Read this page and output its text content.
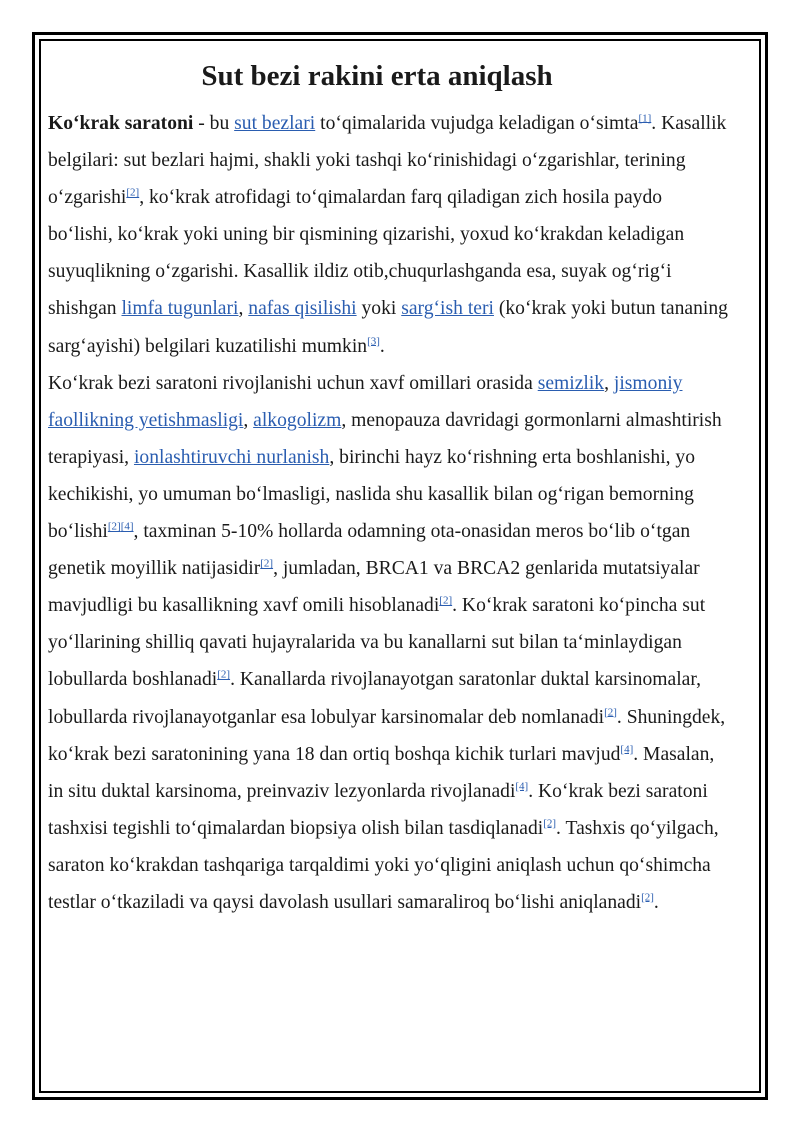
Sut bezi rakini erta aniqlash

Koʻkrak saratoni - bu sut bezlari toʻqimalarida vujudga keladigan oʻsimta[1]. Kasallik belgilari: sut bezlari hajmi, shakli yoki tashqi koʻrinishidagi oʻzgarishlar, terining oʻzgarishi[2], koʻkrak atrofidagi toʻqimalardan farq qiladigan zich hosila paydo boʻlishi, koʻkrak yoki uning bir qismining qizarishi, yoxud koʻkrakdan keladigan suyuqlikning oʻzgarishi. Kasallik ildiz otib,chuqurlashganda esa, suyak ogʻrigʻi shishgan limfa tugunlari, nafas qisilishi yoki sargʻish teri (koʻkrak yoki butun tananing sargʻayishi) belgilari kuzatilishi mumkin[3].

Koʻkrak bezi saratoni rivojlanishi uchun xavf omillari orasida semizlik, jismoniy faollikning yetishmasligi, alkogolizm, menopauza davridagi gormonlarni almashtirish terapiyasi, ionlashtiruvchi nurlanish, birinchi hayz koʻrishning erta boshlanishi, yo kechikishi, yo umuman boʻlmasligi, naslida shu kasallik bilan ogʻrigan bemorning boʻlishi[2][4], taxminan 5-10% hollarda odamning ota-onasidan meros boʻlib oʻtgan genetik moyillik natijasidir[2], jumladan, BRCA1 va BRCA2 genlarida mutatsiyalar mavjudligi bu kasallikning xavf omili hisoblanadi[2]. Koʻkrak saratoni koʻpincha sut yoʻllarining shilliq qavati hujayralarida va bu kanallarni sut bilan taʻminlaydigan lobullarda boshlanadi[2]. Kanallarda rivojlanayotgan saratonlar duktal karsinomalar, lobullarda rivojlanayotganlar esa lobulyar karsinomalar deb nomlanadi[2]. Shuningdek, koʻkrak bezi saratonining yana 18 dan ortiq boshqa kichik turlari mavjud[4]. Masalan, in situ duktal karsinoma, preinvaziv lezyonlarda rivojlanadi[4]. Koʻkrak bezi saratoni tashxisi tegishli toʻqimalardan biopsiya olish bilan tasdiqlanadi[2]. Tashxis qoʻyilgach, saraton koʻkrakdan tashqariga tarqaldimi yoki yoʻqligini aniqlash uchun qoʻshimcha testlar oʻtkaziladi va qaysi davolash usullari samaraliroq boʻlishi aniqlanadi[2].
